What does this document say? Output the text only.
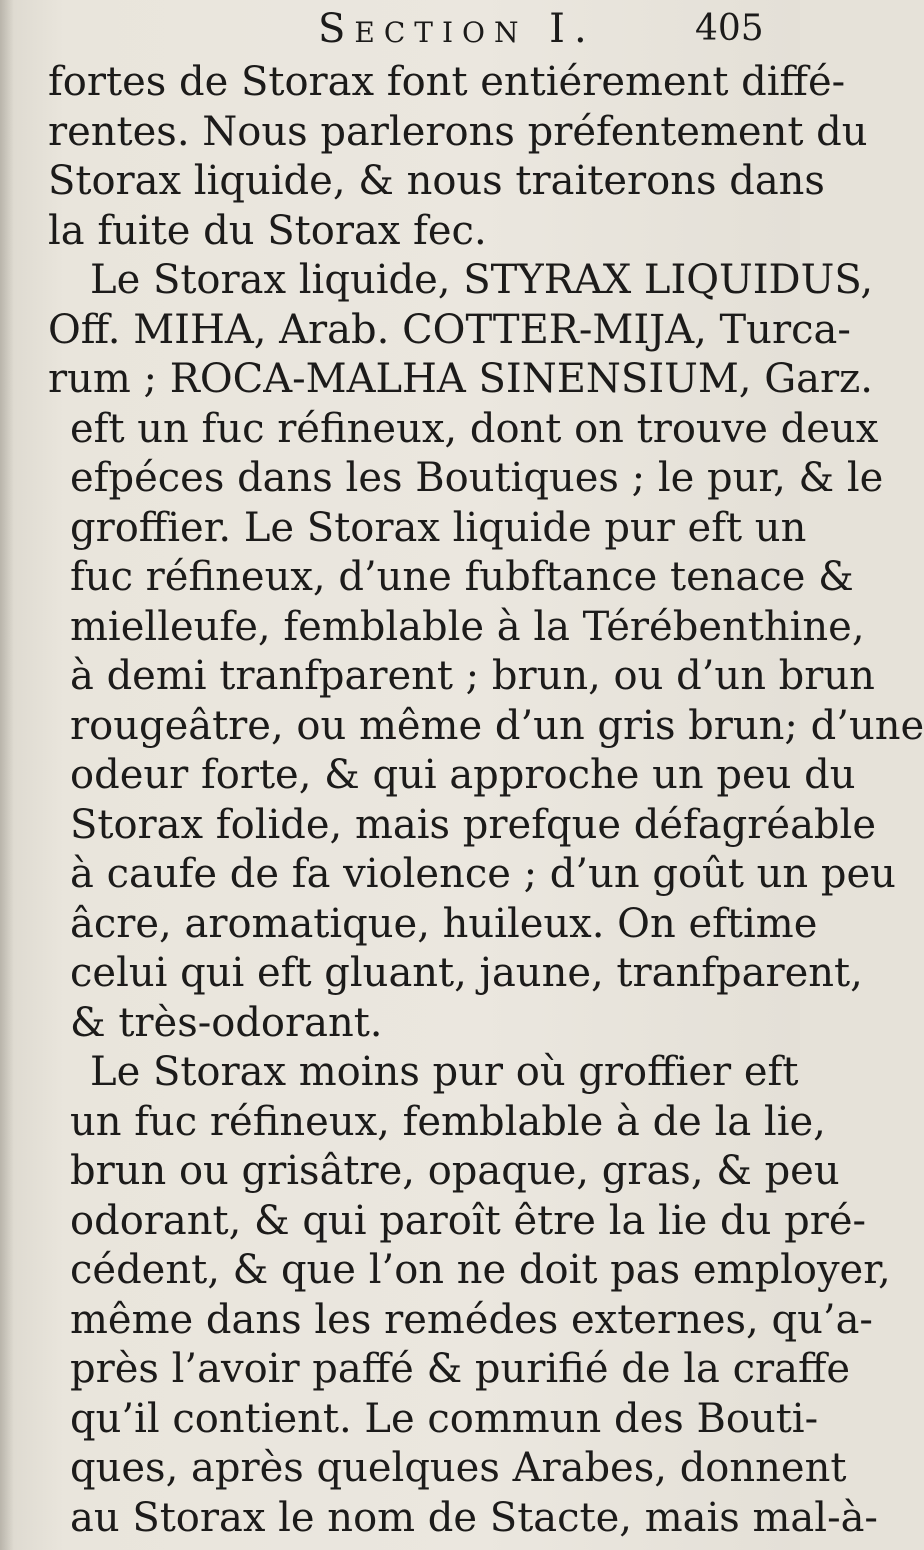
Section I.	405
fortes de Storax font entiérement diffé-
rentes. Nous parlerons préfentement du
Storax liquide, & nous traiterons dans
la fuite du Storax fec.
Le Storax liquide, STYRAX LIQUIDUS,
Off. MIHA, Arab. COTTER-MIJA, Turca-
rum ; ROCA-MALHA SINENSIUM, Garz.
eft un fuc réfineux, dont on trouve deux
efpéces dans les Boutiques ; le pur, & le
groffier. Le Storax liquide pur eft un
fuc réfineux, d’une fubftance tenace &
mielleufe, femblable à la Térébenthine,
à demi tranfparent ; brun, ou d’un brun
rougeâtre, ou même d’un gris brun; d’une
odeur forte, & qui approche un peu du
Storax folide, mais prefque défagréable
à caufe de fa violence ; d’un goût un peu
âcre, aromatique, huileux. On eftime
celui qui eft gluant, jaune, tranfparent,
& très-odorant.
Le Storax moins pur où groffier eft
un fuc réfineux, femblable à de la lie,
brun ou grisâtre, opaque, gras, & peu
odorant, & qui paroît être la lie du pré-
cédent, & que l’on ne doit pas employer,
même dans les remédes externes, qu’a-
près l’avoir paffé & purifié de la craffe
qu’il contient. Le commun des Bouti-
ques, après quelques Arabes, donnent
au Storax le nom de Stacte, mais mal-à-
